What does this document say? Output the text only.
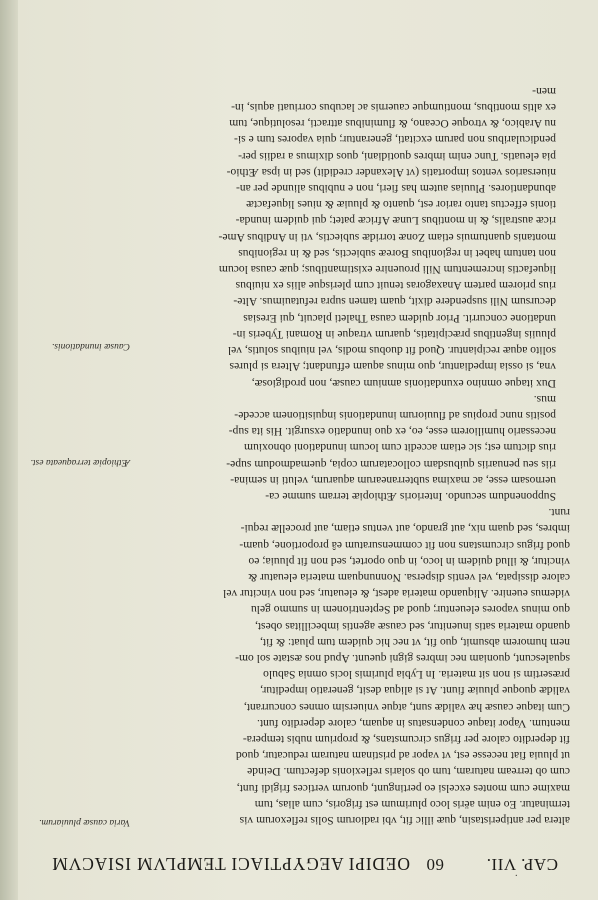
CAP. VII.
60
OEDIPI AEGYPTIACI TEMPLVM ISIACVM

altera per antiperistasin, quæ illic fit, vbi radiorum Solis reflexorum vis
terminatur. Eo enim aëris loco plurimum est frigoris, cum alias, tum
maxime cum montes excelsi eo pertingunt, quorum vertices frigidi funt,
cum ob terream naturam, tum ob solaris reflexionis defectum. Deinde
ut pluuia fiat necesse est, vt vapor ad pristinam naturam reducatur, quod
fit deperdito calore per frigus circumstans, & proprium nubis tempera-
mentum. Vapor itaque condensatus in aquam, calore deperdito funt.
Cum itaque causæ hæ validæ sunt, atque vniuersim omnes concurrant,
validæ quoque pluuiæ fiunt. At si aliqua desit, generatio impeditur,
præsertim si non sit materia. In Lybia plurimis locis omnia Sabulo
squalescunt, quoniam nec imbres gigni queunt. Apud nos æstate sol om-
nem humorem absumit, quo fit, vt nec hic quidem tum pluat: & fit,
quando materia satis inuenitur, sed causæ agentis imbecillitas obest,
quo minus vapores eleuentur; quod ad Septentrionem in summo gelu
videmus euenire. Aliquando materia adest, & eleuatur, sed non vincitur vel
calore dissipata, vel ventis dispersa. Nonnunquam materia eleuatur &
vincitur, & illud quidem in loco, in quo oportet, sed non fit pluuia; eo
quod frigus circumstans non fit commensuratum eâ proportione, quam-
imbres, sed quam nix, aut grando, aut ventus etiam, aut procellæ requi-
runt.

Supponendum secundo. Interioris Æthiopiæ terram summe ca-
uernosam esse, ac maxima subterranearum aquarum, veluti in semina-
riis seu penuariis quibusdam collocatarum copia, quemadmodum supe-
rius dictum est; sic etiam accedit cum locum inundationi obnoxium
necessario humiliorem esse, eo, ex quo inundatio exsurgit. His ita sup-
positis nunc propius ad fluuiorum inundationis inquisitionem accede-
mus.

Dux itaque omnino exundationis amnium causæ, non prodigiosæ,
vna, si ossia impediantur, quo minus aquam effundant; Altera si plures
solito aquæ recipiantur. Quod fit duobus modis, vel niuibus solutis, vel
pluuiis ingentibus præcipitatis, quarum vtraque in Romani Tyberis in-
undatione concurrit. Prior quidem causa Thaleti placuit, qui Eresias
decursum Nili suspendere dixit, quam tamen supra refutauimus. Alte-
rius priorem partem Anaxagoras tenuit cum plerisque aliis ex niuibus
liquefactis incrementum Nili prouenire existimantibus; quæ causa locum
non tantum habet in regionibus Boreæ subiectis, sed & in regionibus
montanis quantumuis etiam Zonæ torridæ subiectis, vti in Andibus Ame-
ricæ australis, & in montibus Lunæ Africæ patet; qui quidem inunda-
tionis effectus tanto rarior est, quanto & pluuiæ & niues liquefactæ
abundantiores. Pluuias autem has fieri, non e nubibus aliunde per an-
niuersarios ventos importatis (vt Alexander credidit) sed in ipsa Æthio-
pia eleuatis. Tunc enim imbres quotidiani, quos diximus a radiis per-
pendicularibus non parum excitati, generantur; quia vapores tum e si-
nu Arabico, & vtroque Oceano, & fluminibus attracti, resolutique, tum
ex altis montibus, montiumque cauernis ac lacubus corriuati aquis, in-
men-

Varia causæ pluuiarum.
Æthiopiæ terraqueata est.
Causæ inundationis.
·
